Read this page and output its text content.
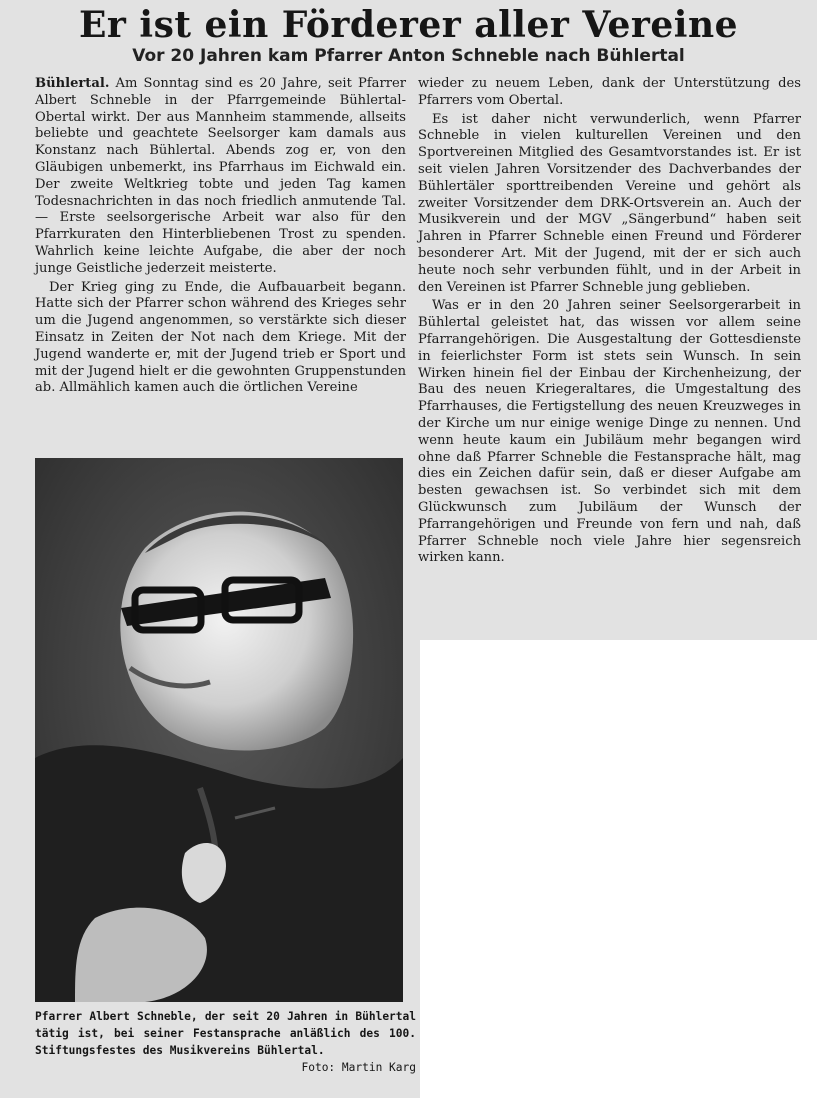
Er ist ein Förderer aller Vereine
Vor 20 Jahren kam Pfarrer Anton Schneble nach Bühlertal

Bühlertal. Am Sonntag sind es 20 Jahre, seit Pfarrer Albert Schneble in der Pfarrgemeinde Bühlertal-Obertal wirkt. Der aus Mannheim stammende, allseits beliebte und geachtete Seelsorger kam damals aus Konstanz nach Bühlertal. Abends zog er, von den Gläubigen unbemerkt, ins Pfarrhaus im Eichwald ein. Der zweite Weltkrieg tobte und jeden Tag kamen Todesnachrichten in das noch friedlich anmutende Tal. — Erste seelsorgerische Arbeit war also für den Pfarrkuraten den Hinterbliebenen Trost zu spenden. Wahrlich keine leichte Aufgabe, die aber der noch junge Geistliche jederzeit meisterte.

Der Krieg ging zu Ende, die Aufbauarbeit begann. Hatte sich der Pfarrer schon während des Krieges sehr um die Jugend angenommen, so verstärkte sich dieser Einsatz in Zeiten der Not nach dem Kriege. Mit der Jugend wanderte er, mit der Jugend trieb er Sport und mit der Jugend hielt er die gewohnten Gruppenstunden ab. Allmählich kamen auch die örtlichen Vereine

wieder zu neuem Leben, dank der Unterstützung des Pfarrers vom Obertal.

Es ist daher nicht verwunderlich, wenn Pfarrer Schneble in vielen kulturellen Vereinen und den Sportvereinen Mitglied des Gesamtvorstandes ist. Er ist seit vielen Jahren Vorsitzender des Dachverbandes der Bühlertäler sporttreibenden Vereine und gehört als zweiter Vorsitzender dem DRK-Ortsverein an. Auch der Musikverein und der MGV „Sängerbund“ haben seit Jahren in Pfarrer Schneble einen Freund und Förderer besonderer Art. Mit der Jugend, mit der er sich auch heute noch sehr verbunden fühlt, und in der Arbeit in den Vereinen ist Pfarrer Schneble jung geblieben.

Was er in den 20 Jahren seiner Seelsorgerarbeit in Bühlertal geleistet hat, das wissen vor allem seine Pfarrangehörigen. Die Ausgestaltung der Gottesdienste in feierlichster Form ist stets sein Wunsch. In sein Wirken hinein fiel der Einbau der Kirchenheizung, der Bau des neuen Kriegeraltares, die Umgestaltung des Pfarrhauses, die Fertigstellung des neuen Kreuzweges in der Kirche um nur einige wenige Dinge zu nennen. Und wenn heute kaum ein Jubiläum mehr begangen wird ohne daß Pfarrer Schneble die Festansprache hält, mag dies ein Zeichen dafür sein, daß er dieser Aufgabe am besten gewachsen ist. So verbindet sich mit dem Glückwunsch zum Jubiläum der Wunsch der Pfarrangehörigen und Freunde von fern und nah, daß Pfarrer Schneble noch viele Jahre hier segensreich wirken kann.

Pfarrer Albert Schneble, der seit 20 Jahren in Bühlertal tätig ist, bei seiner Festansprache anläßlich des 100. Stiftungsfestes des Musikvereins Bühlertal.
Foto: Martin Karg
